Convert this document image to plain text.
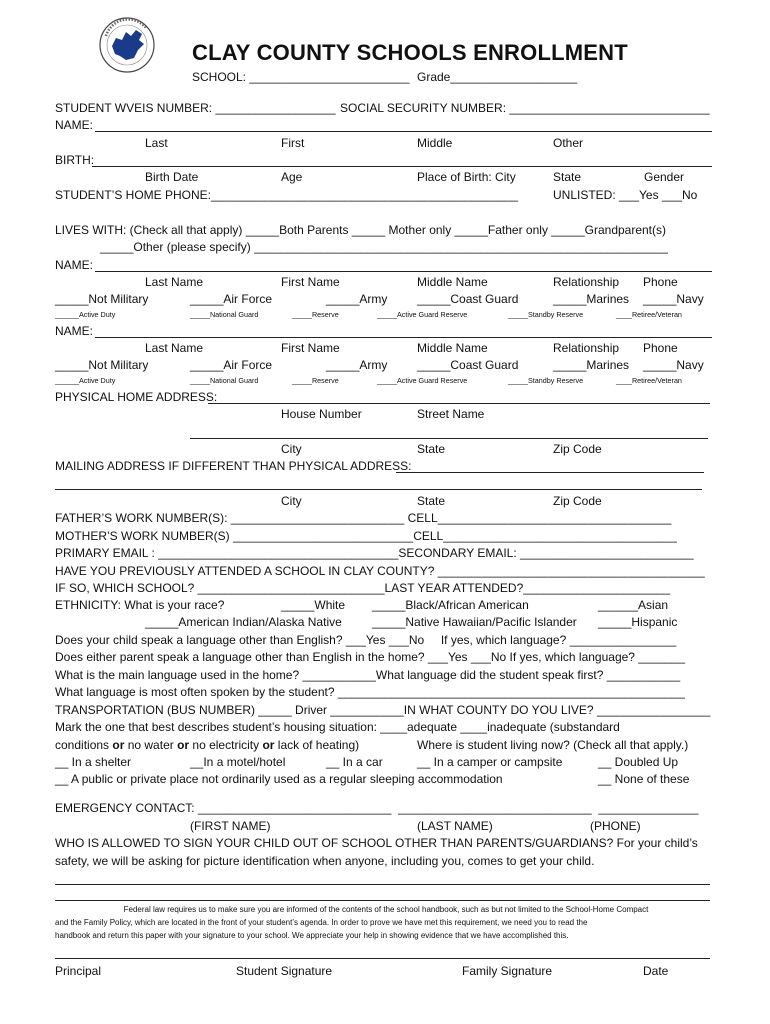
CLAY COUNTY SCHOOLS ENROLLMENT
SCHOOL: ________________________ Grade___________________
STUDENT WVEIS NUMBER: __________________ SOCIAL SECURITY NUMBER: ______________________________
NAME:
Last	First	Middle	Other
BIRTH:
Birth Date	Age	Place of Birth: City	State	Gender
STUDENT’S HOME PHONE:______________________________________________	UNLISTED: ___Yes ___No
LIVES WITH: (Check all that apply) _____Both Parents _____ Mother only _____Father only _____Grandparent(s)
_____Other (please specify) ______________________________________________________________
NAME:
Last Name	First Name	Middle Name	Relationship Phone
_____Not Military	_____Air Force	_____Army _____Coast Guard	_____Marines _____Navy
______Active Duty	_____National Guard	_____Reserve	_____Active Guard Reserve	_____Standby Reserve	____Retiree/Veteran
NAME:
Last Name	First Name	Middle Name	Relationship Phone
_____Not Military	_____Air Force	_____Army _____Coast Guard	_____Marines _____Navy
______Active Duty	_____National Guard	_____Reserve	_____Active Guard Reserve	_____Standby Reserve	____Retiree/Veteran
PHYSICAL HOME ADDRESS:
House Number	Street Name
City	State	Zip Code
MAILING ADDRESS IF DIFFERENT THAN PHYSICAL ADDRESS:
City	State	Zip Code
FATHER’S WORK NUMBER(S): __________________________ CELL___________________________________
MOTHER’S WORK NUMBER(S) ___________________________CELL___________________________________
PRIMARY EMAIL : ____________________________________SECONDARY EMAIL: __________________________
HAVE YOU PREVIOUSLY ATTENDED A SCHOOL IN CLAY COUNTY? ________________________________________
IF SO, WHICH SCHOOL? ____________________________LAST YEAR ATTENDED?______________________
ETHNICITY: What is your race?	_____White _____Black/African American	______Asian
_____American Indian/Alaska Native	_____Native Hawaiian/Pacific Islander _____Hispanic
Does your child speak a language other than English? ___Yes ___No     If yes, which language? ________________
Does either parent speak a language other than English in the home? ___Yes ___No If yes, which language? _______
What is the main language used in the home? ___________What language did the student speak first? ___________
What language is most often spoken by the student? ____________________________________________________
TRANSPORTATION (BUS NUMBER) _____ Driver ___________IN WHAT COUNTY DO YOU LIVE? _________________
Mark the one that best describes student’s housing situation: ____adequate ____inadequate (substandard
conditions or no water or no electricity or lack of heating)	Where is student living now? (Check all that apply.)
__ In a shelter	__In a motel/hotel	__ In a car	__ In a camper or campsite	__ Doubled Up
__ A public or private place not ordinarily used as a regular sleeping accommodation	__ None of these
EMERGENCY CONTACT: _____________________________  _____________________________  _______________
(FIRST NAME)	(LAST NAME)	(PHONE)
WHO IS ALLOWED TO SIGN YOUR CHILD OUT OF SCHOOL OTHER THAN PARENTS/GUARDIANS? For your child’s
safety, we will be asking for picture identification when anyone, including you, comes to get your child.
Federal law requires us to make sure you are informed of the contents of the school handbook, such as but not limited to the School-Home Compact
and the Family Policy, which are located in the front of your student’s agenda. In order to prove we have met this requirement, we need you to read the
handbook and return this paper with your signature to your school. We appreciate your help in showing evidence that we have accomplished this.
Principal	Student Signature	Family Signature	Date
